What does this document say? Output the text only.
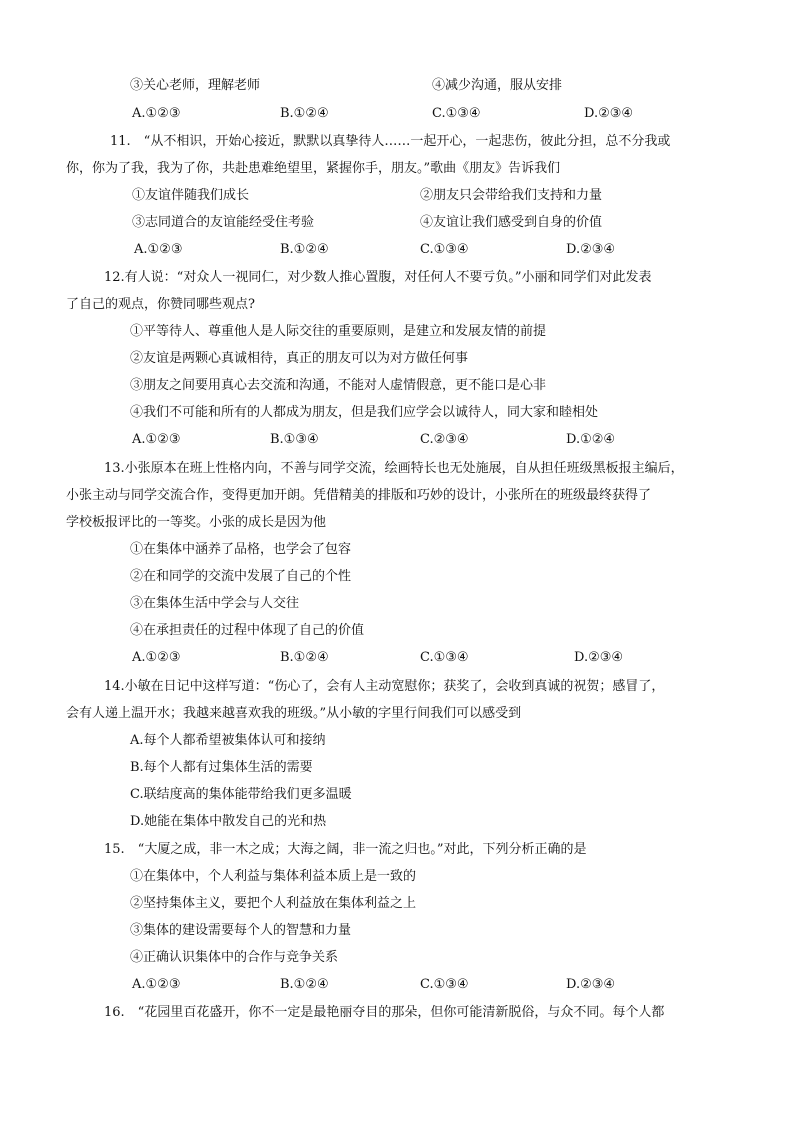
③关心老师，理解老师	④减少沟通，服从安排
A.①②③	B.①②④	C.①③④	D.②③④
11.　“从不相识，开始心接近，默默以真挚待人……一起开心，一起悲伤，彼此分担，总不分我或
你，你为了我，我为了你，共赴患难绝望里，紧握你手，朋友。”歌曲《朋友》告诉我们
①友谊伴随我们成长	②朋友只会带给我们支持和力量
③志同道合的友谊能经受住考验	④友谊让我们感受到自身的价值
A.①②③	B.①②④	C.①③④	D.②③④
12.有人说：“对众人一视同仁，对少数人推心置腹，对任何人不要亏负。”小丽和同学们对此发表
了自己的观点，你赞同哪些观点?
①平等待人、尊重他人是人际交往的重要原则，是建立和发展友情的前提
②友谊是两颗心真诚相待，真正的朋友可以为对方做任何事
③朋友之间要用真心去交流和沟通，不能对人虚情假意，更不能口是心非
④我们不可能和所有的人都成为朋友，但是我们应学会以诚待人，同大家和睦相处
A.①②③	B.①③④	C.②③④	D.①②④
13.小张原本在班上性格内向，不善与同学交流，绘画特长也无处施展，自从担任班级黑板报主编后，
小张主动与同学交流合作，变得更加开朗。凭借精美的排版和巧妙的设计，小张所在的班级最终获得了
学校板报评比的一等奖。小张的成长是因为他
①在集体中涵养了品格，也学会了包容
②在和同学的交流中发展了自己的个性
③在集体生活中学会与人交往
④在承担责任的过程中体现了自己的价值
A.①②③	B.①②④	C.①③④	D.②③④
14.小敏在日记中这样写道：“伤心了，会有人主动宽慰你；获奖了，会收到真诚的祝贺；感冒了，
会有人递上温开水；我越来越喜欢我的班级。”从小敏的字里行间我们可以感受到
A.每个人都希望被集体认可和接纳
B.每个人都有过集体生活的需要
C.联结度高的集体能带给我们更多温暖
D.她能在集体中散发自己的光和热
15.　“大厦之成，非一木之成；大海之阔，非一流之归也。”对此，下列分析正确的是
①在集体中，个人利益与集体利益本质上是一致的
②坚持集体主义，要把个人利益放在集体利益之上
③集体的建设需要每个人的智慧和力量
④正确认识集体中的合作与竞争关系
A.①②③	B.①②④	C.①③④	D.②③④
16.　“花园里百花盛开，你不一定是最艳丽夺目的那朵，但你可能清新脱俗，与众不同。每个人都
